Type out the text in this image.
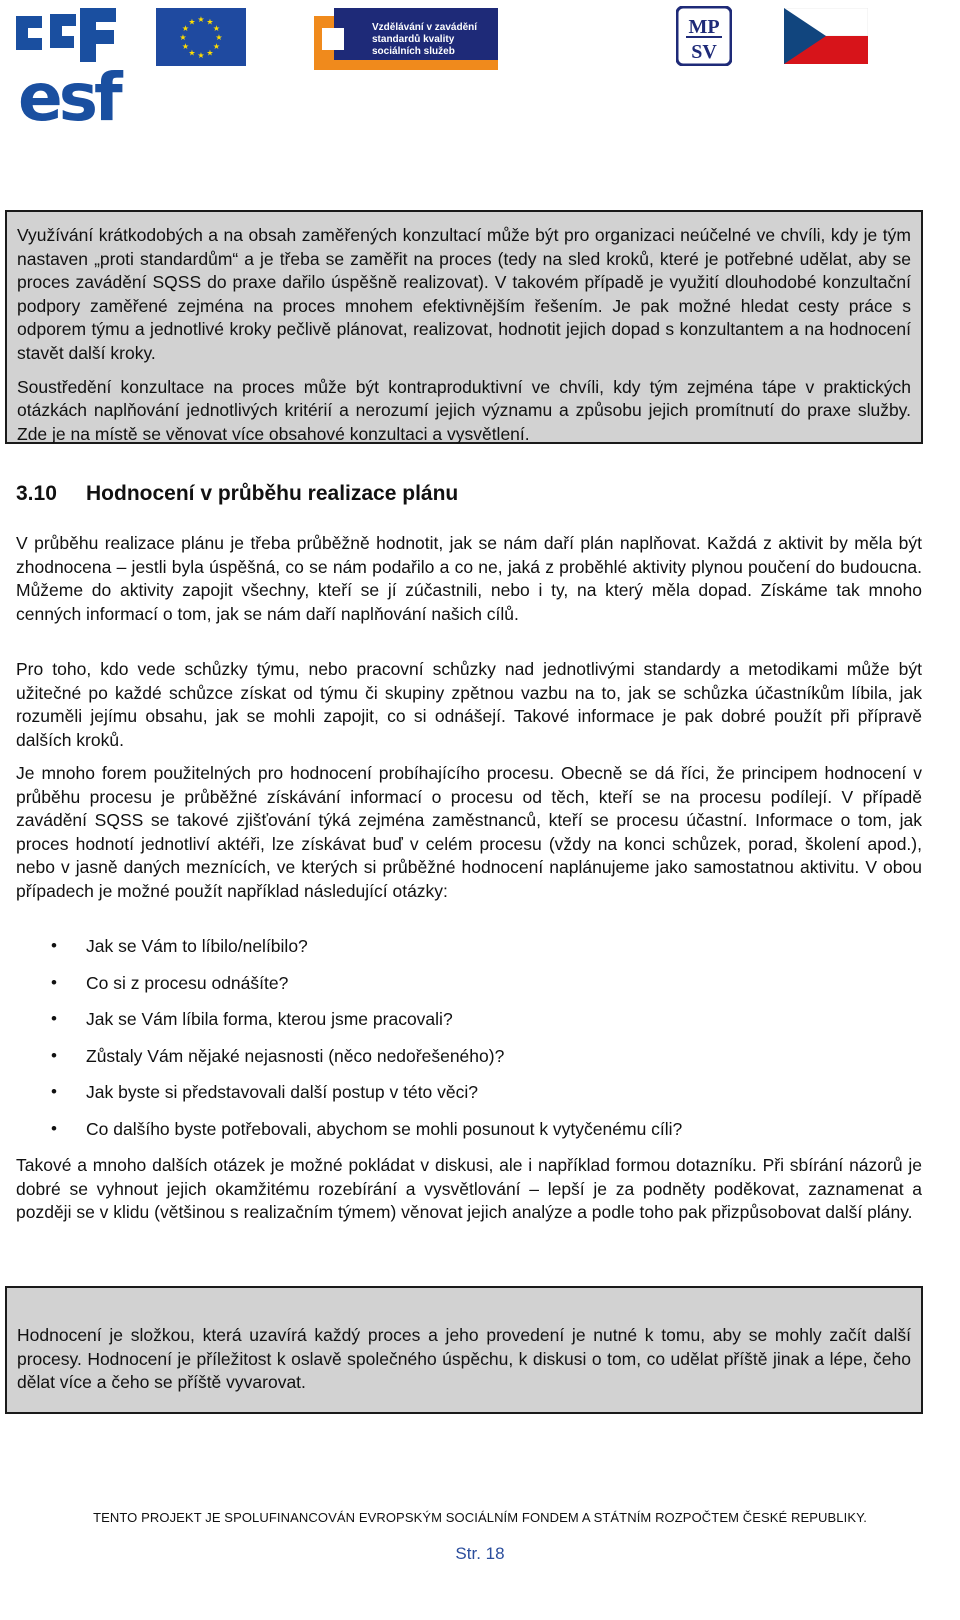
esf
★ ★
★
★
★
★
★
★
★
★
★
★	Vzdělávání v zavádění
standardů kvality
sociálních služeb
MP
SV

Využívání krátkodobých a na obsah zaměřených konzultací může být pro organizaci neúčelné ve chvíli, kdy je tým nastaven „proti standardům“ a je třeba se zaměřit na proces (tedy na sled kroků, které je potřebné udělat, aby se proces zavádění SQSS do praxe dařilo úspěšně realizovat). V takovém případě je využití dlouhodobé konzultační podpory zaměřené zejména na proces mnohem efektivnějším řešením. Je pak možné hledat cesty práce s odporem týmu a jednotlivé kroky pečlivě plánovat, realizovat, hodnotit jejich dopad s konzultantem a na hodnocení stavět další kroky.

Soustředění konzultace na proces může být kontraproduktivní ve chvíli, kdy tým zejména tápe v praktických otázkách naplňování jednotlivých kritérií a nerozumí jejich významu a způsobu jejich promítnutí do praxe služby. Zde je na místě se věnovat více obsahové konzultaci a vysvětlení.

3.10 Hodnocení v průběhu realizace plánu

V průběhu realizace plánu je třeba průběžně hodnotit, jak se nám daří plán naplňovat. Každá z aktivit by měla být zhodnocena – jestli byla úspěšná, co se nám podařilo a co ne, jaká z proběhlé aktivity plynou poučení do budoucna. Můžeme do aktivity zapojit všechny, kteří se jí zúčastnili, nebo i ty, na který měla dopad. Získáme tak mnoho cenných informací o tom, jak se nám daří naplňování našich cílů.

Pro toho, kdo vede schůzky týmu, nebo pracovní schůzky nad jednotlivými standardy a metodikami může být užitečné po každé schůzce získat od týmu či skupiny zpětnou vazbu na to, jak se schůzka účastníkům líbila, jak rozuměli jejímu obsahu, jak se mohli zapojit, co si odnášejí. Takové informace je pak dobré použít při přípravě dalších kroků.

Je mnoho forem použitelných pro hodnocení probíhajícího procesu. Obecně se dá říci, že principem hodnocení v průběhu procesu je průběžné získávání informací o procesu od těch, kteří se na procesu podílejí. V případě zavádění SQSS se takové zjišťování týká zejména zaměstnanců, kteří se procesu účastní. Informace o tom, jak proces hodnotí jednotliví aktéři, lze získávat buď v celém procesu (vždy na konci schůzek, porad, školení apod.), nebo v jasně daných meznících, ve kterých si průběžné hodnocení naplánujeme jako samostatnou aktivitu. V obou případech je možné použít například následující otázky:

• Jak se Vám to líbilo/nelíbilo?
• Co si z procesu odnášíte?
• Jak se Vám líbila forma, kterou jsme pracovali?
• Zůstaly Vám nějaké nejasnosti (něco nedořešeného)?
• Jak byste si představovali další postup v této věci?
• Co dalšího byste potřebovali, abychom se mohli posunout k vytyčenému cíli?

Takové a mnoho dalších otázek je možné pokládat v diskusi, ale i například formou dotazníku. Při sbírání názorů je dobré se vyhnout jejich okamžitému rozebírání a vysvětlování – lepší je za podněty poděkovat, zaznamenat a později se v klidu (většinou s realizačním týmem) věnovat jejich analýze a podle toho pak přizpůsobovat další plány.

Hodnocení je složkou, která uzavírá každý proces a jeho provedení je nutné k tomu, aby se mohly začít další procesy. Hodnocení je příležitost k oslavě společného úspěchu, k diskusi o tom, co udělat příště jinak a lépe, čeho dělat více a čeho se příště vyvarovat.

TENTO PROJEKT JE SPOLUFINANCOVÁN EVROPSKÝM SOCIÁLNÍM FONDEM A STÁTNÍM ROZPOČTEM ČESKÉ REPUBLIKY.
Str. 18
